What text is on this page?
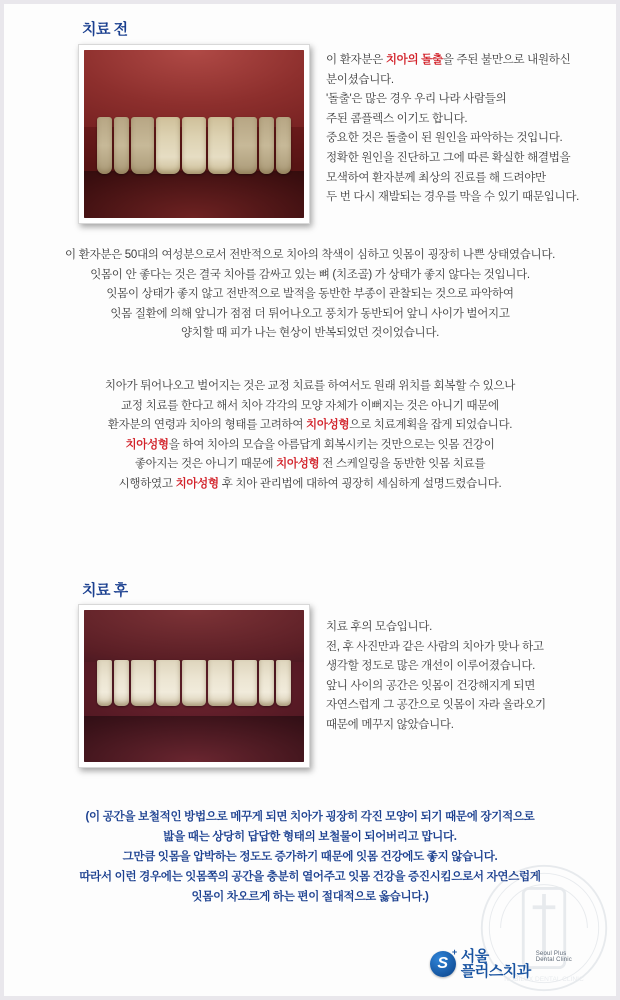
치료 전
이 환자분은 치아의 돌출을 주된 불만으로 내원하신
분이셨습니다.
'돌출'은 많은 경우 우리 나라 사람들의
주된 콤플렉스 이기도 합니다.
중요한 것은 돌출이 된 원인을 파악하는 것입니다.
정확한 원인을 진단하고 그에 따른 확실한 해결법을
모색하여 환자분께 최상의 진료를 해 드려야만
두 번 다시 재발되는 경우를 막을 수 있기 때문입니다.
이 환자분은 50대의 여성분으로서 전반적으로 치아의 착색이 심하고 잇몸이 굉장히 나쁜 상태였습니다.
잇몸이 안 좋다는 것은 결국 치아를 감싸고 있는 뼈 (치조골) 가 상태가 좋지 않다는 것입니다.
잇몸이 상태가 좋지 않고 전반적으로 발적을 동반한 부종이 관찰되는 것으로 파악하여
잇몸 질환에 의해 앞니가 점점 더 튀어나오고 풍치가 동반되어 앞니 사이가 벌어지고
양치할 때 피가 나는 현상이 반복되었던 것이었습니다.
치아가 튀어나오고 벌어지는 것은 교정 치료를 하여서도 원래 위치를 회복할 수 있으나
교정 치료를 한다고 해서 치아 각각의 모양 자체가 이뻐지는 것은 아니기 때문에
환자분의 연령과 치아의 형태를 고려하여 치아성형으로 치료계획을 잡게 되었습니다.
치아성형을 하여 치아의 모습을 아름답게 회복시키는 것만으로는 잇몸 건강이
좋아지는 것은 아니기 때문에 치아성형 전 스케일링을 동반한 잇몸 치료를
시행하였고 치아성형 후 치아 관리법에 대하여 굉장히 세심하게 설명드렸습니다.
치료 후
치료 후의 모습입니다.
전, 후 사진만과 같은 사람의 치아가 맞나 하고
생각할 정도로 많은 개선이 이루어졌습니다.
앞니 사이의 공간은 잇몸이 건강해지게 되면
자연스럽게 그 공간으로 잇몸이 자라 올라오기
때문에 메꾸지 않았습니다.
(이 공간을 보철적인 방법으로 메꾸게 되면 치아가 굉장히 각진 모양이 되기 때문에 장기적으로
밢을 때는 상당히 답답한 형태의 보철물이 되어버리고 맙니다.
그만큼 잇몸을 압박하는 정도도 증가하기 때문에 잇몸 건강에도 좋지 않습니다.
따라서 이런 경우에는 잇몸쪽의 공간을 충분히 열어주고 잇몸 건강을 증진시킴으로서 자연스럽게
잇몸이 차오르게 하는 편이 절대적으로 옳습니다.)
NOBILUX DENTAL CLINIC
S
+ 서울
플러스치과
Seoul Plus
Dental Clinic
